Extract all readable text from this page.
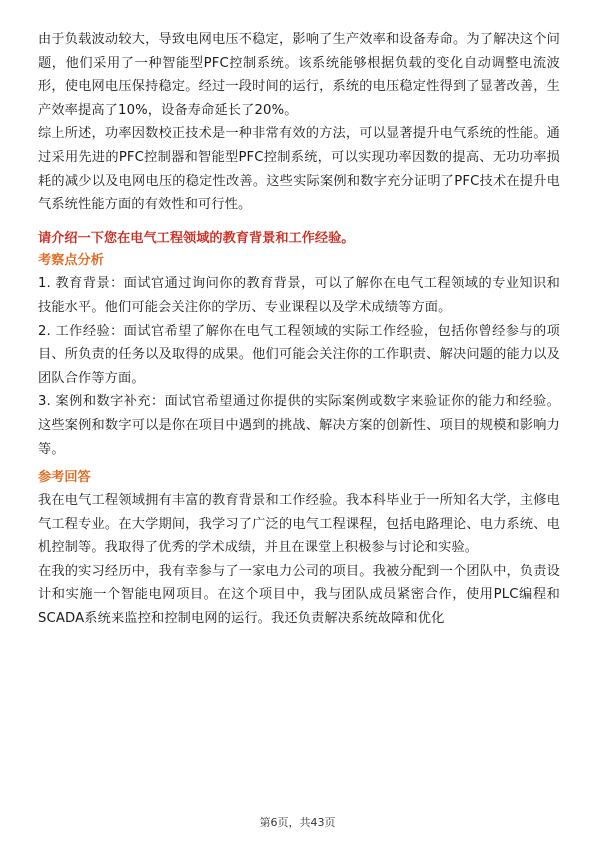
由于负载波动较大，导致电网电压不稳定，影响了生产效率和设备寿命。为了解决这个问题，他们采用了一种智能型PFC控制系统。该系统能够根据负载的变化自动调整电流波形，使电网电压保持稳定。经过一段时间的运行，系统的电压稳定性得到了显著改善，生产效率提高了10%，设备寿命延长了20%。

综上所述，功率因数校正技术是一种非常有效的方法，可以显著提升电气系统的性能。通过采用先进的PFC控制器和智能型PFC控制系统，可以实现功率因数的提高、无功功率损耗的减少以及电网电压的稳定性改善。这些实际案例和数字充分证明了PFC技术在提升电气系统性能方面的有效性和可行性。

请介绍一下您在电气工程领域的教育背景和工作经验。

考察点分析

1. 教育背景：面试官通过询问你的教育背景，可以了解你在电气工程领域的专业知识和技能水平。他们可能会关注你的学历、专业课程以及学术成绩等方面。

2. 工作经验：面试官希望了解你在电气工程领域的实际工作经验，包括你曾经参与的项目、所负责的任务以及取得的成果。他们可能会关注你的工作职责、解决问题的能力以及团队合作等方面。

3. 案例和数字补充：面试官希望通过你提供的实际案例或数字来验证你的能力和经验。这些案例和数字可以是你在项目中遇到的挑战、解决方案的创新性、项目的规模和影响力等。

参考回答

我在电气工程领域拥有丰富的教育背景和工作经验。我本科毕业于一所知名大学，主修电气工程专业。在大学期间，我学习了广泛的电气工程课程，包括电路理论、电力系统、电机控制等。我取得了优秀的学术成绩，并且在课堂上积极参与讨论和实验。

在我的实习经历中，我有幸参与了一家电力公司的项目。我被分配到一个团队中，负责设计和实施一个智能电网项目。在这个项目中，我与团队成员紧密合作，使用PLC编程和SCADA系统来监控和控制电网的运行。我还负责解决系统故障和优化

第6页，共43页
